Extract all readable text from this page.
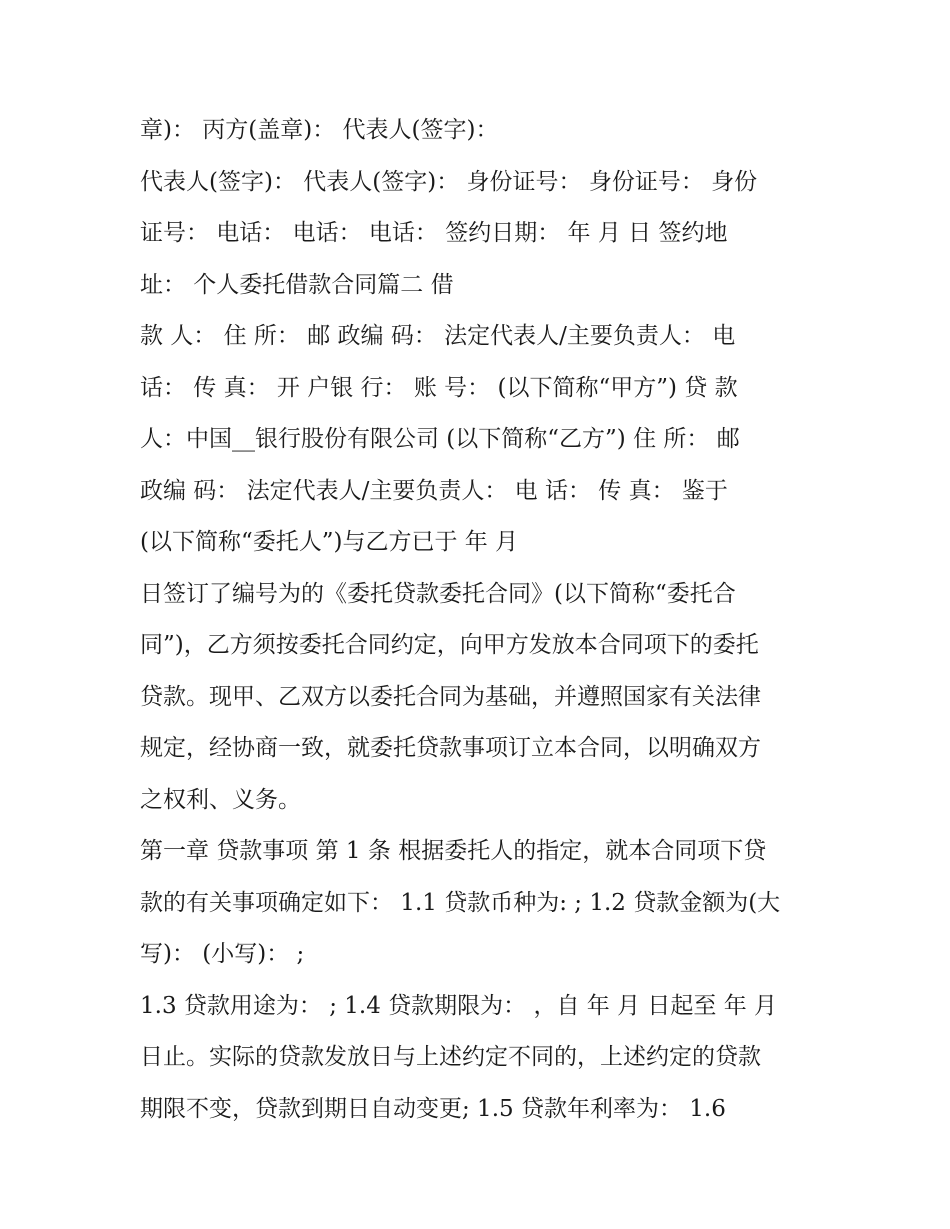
章)： 丙方(盖章)： 代表人(签字)：
代表人(签字)： 代表人(签字)： 身份证号： 身份证号： 身份
证号： 电话： 电话： 电话： 签约日期： 年 月 日 签约地
址： 个人委托借款合同篇二 借
款 人： 住 所： 邮 政编 码： 法定代表人/主要负责人： 电
话： 传 真： 开 户银 行： 账 号： (以下简称“甲方”) 贷 款
人：中国__银行股份有限公司 (以下简称“乙方”) 住 所： 邮
政编 码： 法定代表人/主要负责人： 电 话： 传 真： 鉴于
(以下简称“委托人”)与乙方已于 年 月
日签订了编号为的《委托贷款委托合同》(以下简称“委托合
同”)，乙方须按委托合同约定，向甲方发放本合同项下的委托
贷款。现甲、乙双方以委托合同为基础，并遵照国家有关法律
规定，经协商一致，就委托贷款事项订立本合同，以明确双方
之权利、义务。
第一章 贷款事项 第 1 条 根据委托人的指定，就本合同项下贷
款的有关事项确定如下： 1.1 贷款币种为: ; 1.2 贷款金额为(大
写)： (小写)： ;
1.3 贷款用途为： ; 1.4 贷款期限为： ，自 年 月 日起至 年 月
日止。实际的贷款发放日与上述约定不同的，上述约定的贷款
期限不变，贷款到期日自动变更; 1.5 贷款年利率为： 1.6
